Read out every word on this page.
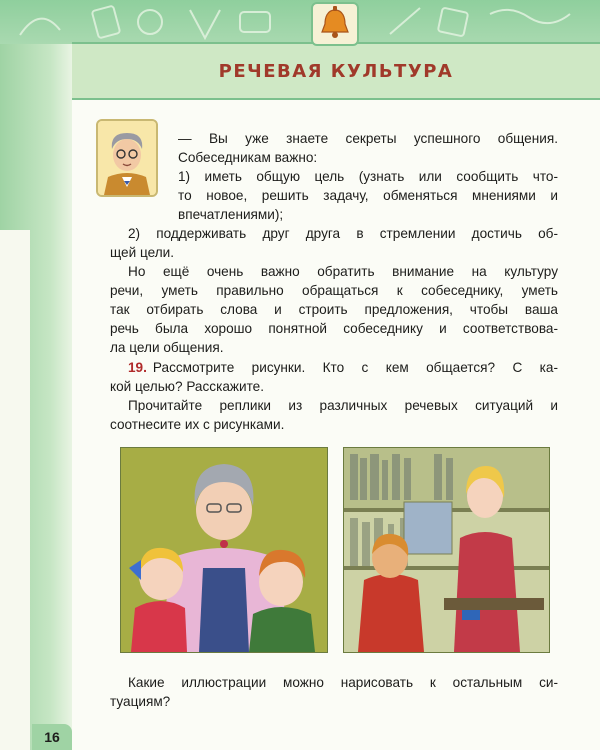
РЕЧЕВАЯ КУЛЬТУРА
— Вы уже знаете секреты успешного общения.
Собеседникам важно:
1) иметь общую цель (узнать или сообщить что-
то новое, решить задачу, обменяться мнениями и
впечатлениями);
2) поддерживать друг друга в стремлении достичь об-
щей цели.
Но ещё очень важно обратить внимание на культуру
речи, уметь правильно обращаться к собеседнику, уметь
так отбирать слова и строить предложения, чтобы ваша
речь была хорошо понятной собеседнику и соответствова-
ла цели общения.
19. Рассмотрите рисунки. Кто с кем общается? С ка-
кой целью? Расскажите.
Прочитайте реплики из различных речевых ситуаций и
соотнесите их с рисунками.
Какие иллюстрации можно нарисовать к остальным си-
туациям?
16
